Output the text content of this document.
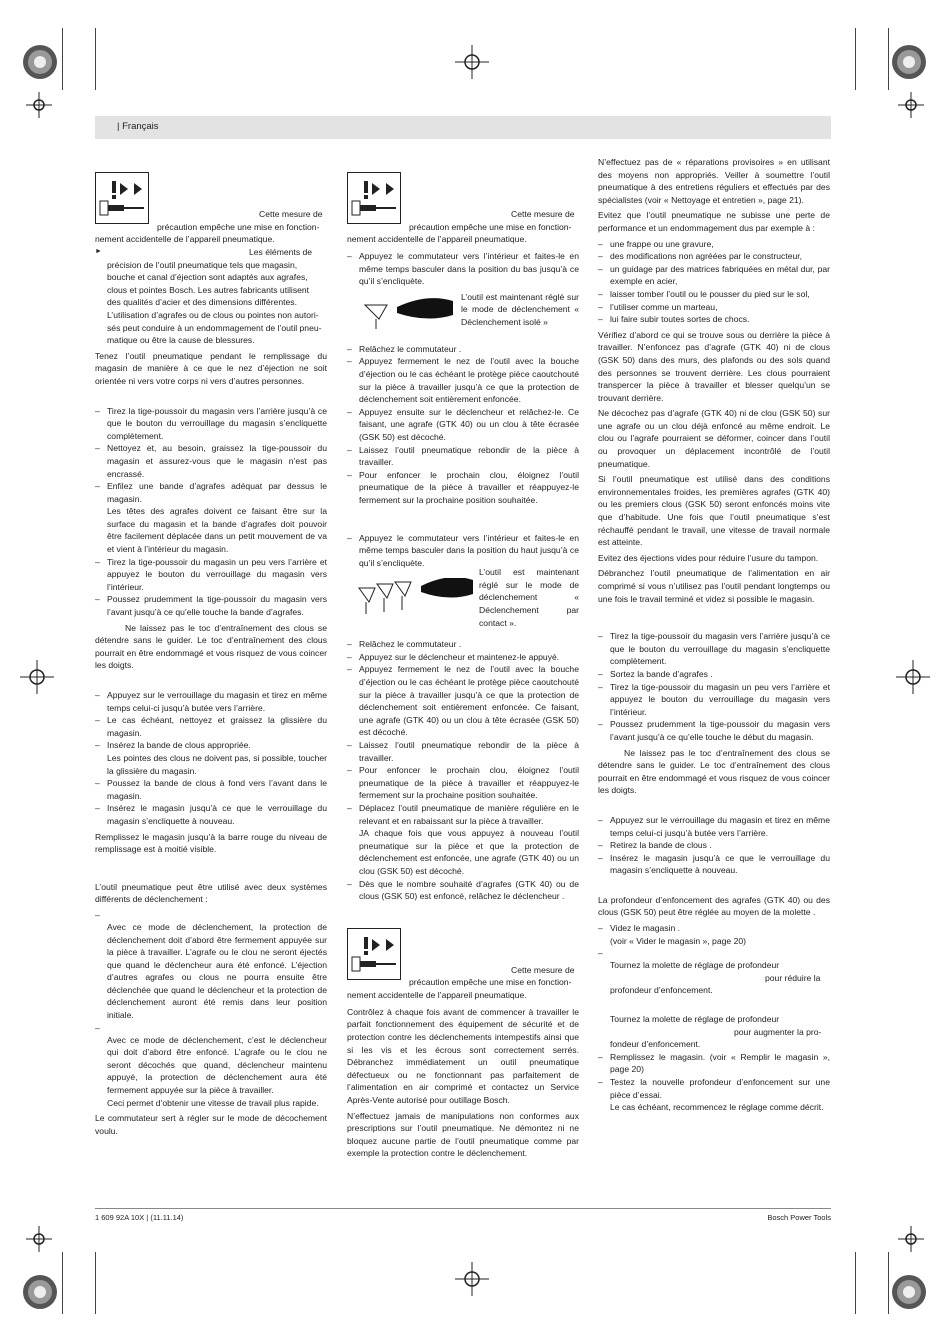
| Français
Cette mesure de
précaution empêche une mise en fonction-
nement accidentelle de l’appareil pneumatique.
► Les éléments de

précision de l’outil pneumatique tels que magasin,
bouche et canal d’éjection sont adaptés aux agrafes,
clous et pointes Bosch. Les autres fabricants utilisent
des qualités d’acier et des dimensions différentes.
L’utilisation d’agrafes ou de clous ou pointes non autori-
sés peut conduire à un endommagement de l’outil pneu-
matique ou être la cause de blessures.

Tenez l’outil pneumatique pendant le remplissage du magasin de manière à ce que le nez d’éjection ne soit orientée ni vers votre corps ni vers d’autres personnes.

– Tirez la tige-poussoir du magasin vers l’arrière jusqu’à ce que le bouton du verrouillage du magasin s’encliquette complètement.
– Nettoyez et, au besoin, graissez la tige-poussoir du magasin et assurez-vous que le magasin n’est pas encrassé.
– Enfilez une bande d’agrafes adéquat par dessus le magasin.
Les têtes des agrafes doivent ce faisant être sur la surface du magasin et la bande d’agrafes doit pouvoir être facilement déplacée dans un petit mouvement de va et vient à l’intérieur du magasin.
– Tirez la tige-poussoir du magasin un peu vers l’arrière et appuyez le bouton du verrouillage du magasin vers l’intérieur.
– Poussez prudemment la tige-poussoir du magasin vers l’avant jusqu’à ce qu’elle touche la bande d’agrafes.

Ne laissez pas le toc d’entraînement des clous se détendre sans le guider. Le toc d’entraînement des clous pourrait en être endommagé et vous risquez de vous coincer les doigts.

– Appuyez sur le verrouillage du magasin et tirez en même temps celui-ci jusqu’à butée vers l’arrière.
– Le cas échéant, nettoyez et graissez la glissière du magasin.
– Insérez la bande de clous appropriée.
Les pointes des clous ne doivent pas, si possible, toucher la glissière du magasin.
– Poussez la bande de clous à fond vers l’avant dans le magasin.
– Insérez le magasin jusqu’à ce que le verrouillage du magasin s’encliquette à nouveau.

Remplissez le magasin jusqu’à la barre rouge du niveau de remplissage est à moitié visible.

L’outil pneumatique peut être utilisé avec deux systèmes différents de déclenchement :

– Avec ce mode de déclenchement, la protection de déclenchement doit d’abord être fermement appuyée sur la pièce à travailler. L’agrafe ou le clou ne seront éjectés que quand le déclencheur aura été enfoncé. L’éjection d’autres agrafes ou clous ne pourra ensuite être déclenchée que quand le déclencheur et la protection de déclenchement auront été remis dans leur position initiale.
– Avec ce mode de déclenchement, c’est le déclencheur qui doit d’abord être enfoncé. L’agrafe ou le clou ne seront décochés que quand, déclencheur maintenu appuyé, la protection de déclenchement aura été fermement appuyée sur la pièce à travailler.
Ceci permet d’obtenir une vitesse de travail plus rapide.

Le commutateur sert à régler sur le mode de décochement voulu.

Cette mesure de
précaution empêche une mise en fonction-
nement accidentelle de l’appareil pneumatique.
– Appuyez le commutateur vers l’intérieur et faites-le en même temps basculer dans la position du bas jusqu’à ce qu’il s’encliquète.
L’outil est maintenant réglé sur le mode de déclenchement « Déclenchement isolé »
– Relâchez le commutateur .
– Appuyez fermement le nez de l’outil avec la bouche d’éjection ou le cas échéant le protège pièce caoutchouté sur la pièce à travailler jusqu’à ce que la protection de déclenchement soit entièrement enfoncée.
– Appuyez ensuite sur le déclencheur et relâchez-le. Ce faisant, une agrafe (GTK 40) ou un clou à tête écrasée (GSK 50) est décoché.
– Laissez l’outil pneumatique rebondir de la pièce à travailler.
– Pour enfoncer le prochain clou, éloignez l’outil pneumatique de la pièce à travailler et réappuyez-le fermement sur la prochaine position souhaitée.
– Appuyez le commutateur vers l’intérieur et faites-le en même temps basculer dans la position du haut jusqu’à ce qu’il s’encliquète.
L’outil est maintenant réglé sur le mode de déclenchement « Déclenchement par contact ».
– Relâchez le commutateur .
– Appuyez sur le déclencheur et maintenez-le appuyé.
– Appuyez fermement le nez de l’outil avec la bouche d’éjection ou le cas échéant le protège pièce caoutchouté sur la pièce à travailler jusqu’à ce que la protection de déclenchement soit entièrement enfoncée. Ce faisant, une agrafe (GTK 40) ou un clou à tête écrasée (GSK 50) est décoché.
– Laissez l’outil pneumatique rebondir de la pièce à travailler.
– Pour enfoncer le prochain clou, éloignez l’outil pneumatique de la pièce à travailler et réappuyez-le fermement sur la prochaine position souhaitée.
– Déplacez l’outil pneumatique de manière régulière en le relevant et en rabaissant sur la pièce à travailler.
JA chaque fois que vous appuyez à nouveau l’outil pneumatique sur la pièce et que la protection de déclenchement est enfoncée, une agrafe (GTK 40) ou un clou (GSK 50) est décoché.
– Dès que le nombre souhaité d’agrafes (GTK 40) ou de clous (GSK 50) est enfoncé, relâchez le déclencheur .
Cette mesure de
précaution empêche une mise en fonction-
nement accidentelle de l’appareil pneumatique.

Contrôlez à chaque fois avant de commencer à travailler le parfait fonctionnement des équipement de sécurité et de protection contre les déclenchements intempestifs ainsi que si les vis et les écrous sont correctement serrés. Débranchez immédiatement un outil pneumatique défectueux ou ne fonctionnant pas parfaitement de l’alimentation en air comprimé et contactez un Service Après-Vente autorisé pour outillage Bosch.

N’effectuez jamais de manipulations non conformes aux prescriptions sur l’outil pneumatique. Ne démontez ni ne bloquez aucune partie de l’outil pneumatique comme par exemple la protection contre le déclenchement.

N’effectuez pas de « réparations provisoires » en utilisant des moyens non appropriés. Veiller à soumettre l’outil pneumatique à des entretiens réguliers et effectués par des spécialistes (voir « Nettoyage et entretien », page 21).

Evitez que l’outil pneumatique ne subisse une perte de performance et un endommagement dus par exemple à :

– une frappe ou une gravure,
– des modifications non agréées par le constructeur,
– un guidage par des matrices fabriquées en métal dur, par exemple en acier,
– laisser tomber l’outil ou le pousser du pied sur le sol,
– l’utiliser comme un marteau,
– lui faire subir toutes sortes de chocs.

Vérifiez d’abord ce qui se trouve sous ou derrière la pièce à travailler. N’enfoncez pas d’agrafe (GTK 40) ni de clous (GSK 50) dans des murs, des plafonds ou des sols quand des personnes se trouvent derrière. Les clous pourraient transpercer la pièce à travailler et blesser quelqu’un se trouvant derrière.

Ne décochez pas d’agrafe (GTK 40) ni de clou (GSK 50) sur une agrafe ou un clou déjà enfoncé au même endroit. Le clou ou l’agrafe pourraient se déformer, coincer dans l’outil ou provoquer un déplacement incontrôlé de l’outil pneumatique.

Si l’outil pneumatique est utilisé dans des conditions environnementales froides, les premières agrafes (GTK 40) ou les premiers clous (GSK 50) seront enfoncés moins vite que d’habitude. Une fois que l’outil pneumatique s’est réchauffé pendant le travail, une vitesse de travail normale est atteinte.

Evitez des éjections vides pour réduire l’usure du tampon.

Débranchez l’outil pneumatique de l’alimentation en air comprimé si vous n’utilisez pas l’outil pendant longtemps ou une fois le travail terminé et videz si possible le magasin.

– Tirez la tige-poussoir du magasin vers l’arrière jusqu’à ce que le bouton du verrouillage du magasin s’encliquette complètement.
– Sortez la bande d’agrafes .
– Tirez la tige-poussoir du magasin un peu vers l’arrière et appuyez le bouton du verrouillage du magasin vers l’intérieur.
– Poussez prudemment la tige-poussoir du magasin vers l’avant jusqu’à ce qu’elle touche le début du magasin.

Ne laissez pas le toc d’entraînement des clous se détendre sans le guider. Le toc d’entraînement des clous pourrait en être endommagé et vous risquez de vous coincer les doigts.

– Appuyez sur le verrouillage du magasin et tirez en même temps celui-ci jusqu’à butée vers l’arrière.
– Retirez la bande de clous .
– Insérez le magasin jusqu’à ce que le verrouillage du magasin s’encliquette à nouveau.

La profondeur d’enfoncement des agrafes (GTK 40) ou des clous (GSK 50) peut être réglée au moyen de la molette .

– Videz le magasin .
(voir « Vider le magasin », page 20)
– Tournez la molette de réglage de profondeur
pour réduire la
profondeur d’enfoncement.
Tournez la molette de réglage de profondeur
pour augmenter la pro-
fondeur d’enfoncement.
– Remplissez le magasin. (voir « Remplir le magasin », page 20)
– Testez la nouvelle profondeur d’enfoncement sur une pièce d’essai.
Le cas échéant, recommencez le réglage comme décrit.
1 609 92A 10X | (11.11.14)	Bosch Power Tools
